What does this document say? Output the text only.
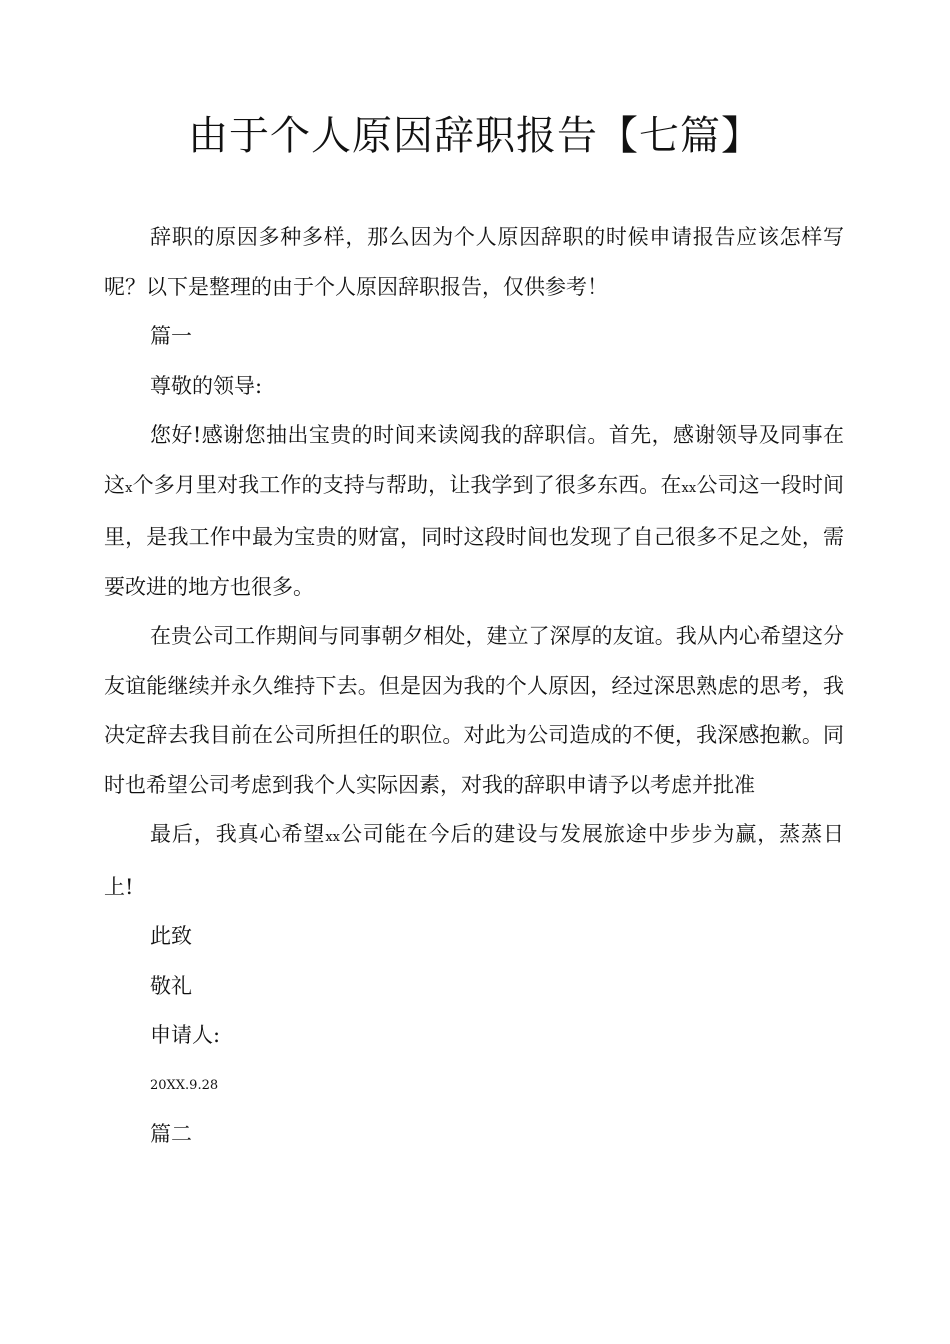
由于个人原因辞职报告【七篇】

辞职的原因多种多样，那么因为个人原因辞职的时候申请报告应该怎样写呢？以下是整理的由于个人原因辞职报告，仅供参考！

篇一

尊敬的领导:

您好!感谢您抽出宝贵的时间来读阅我的辞职信。首先，感谢领导及同事在这x个多月里对我工作的支持与帮助，让我学到了很多东西。在xx公司这一段时间里，是我工作中最为宝贵的财富，同时这段时间也发现了自己很多不足之处，需要改进的地方也很多。

在贵公司工作期间与同事朝夕相处，建立了深厚的友谊。我从内心希望这分友谊能继续并永久维持下去。但是因为我的个人原因，经过深思熟虑的思考，我决定辞去我目前在公司所担任的职位。对此为公司造成的不便，我深感抱歉。同时也希望公司考虑到我个人实际因素，对我的辞职申请予以考虑并批准

最后，我真心希望xx公司能在今后的建设与发展旅途中步步为赢，蒸蒸日上!

此致

敬礼

申请人:

20XX.9.28

篇二
